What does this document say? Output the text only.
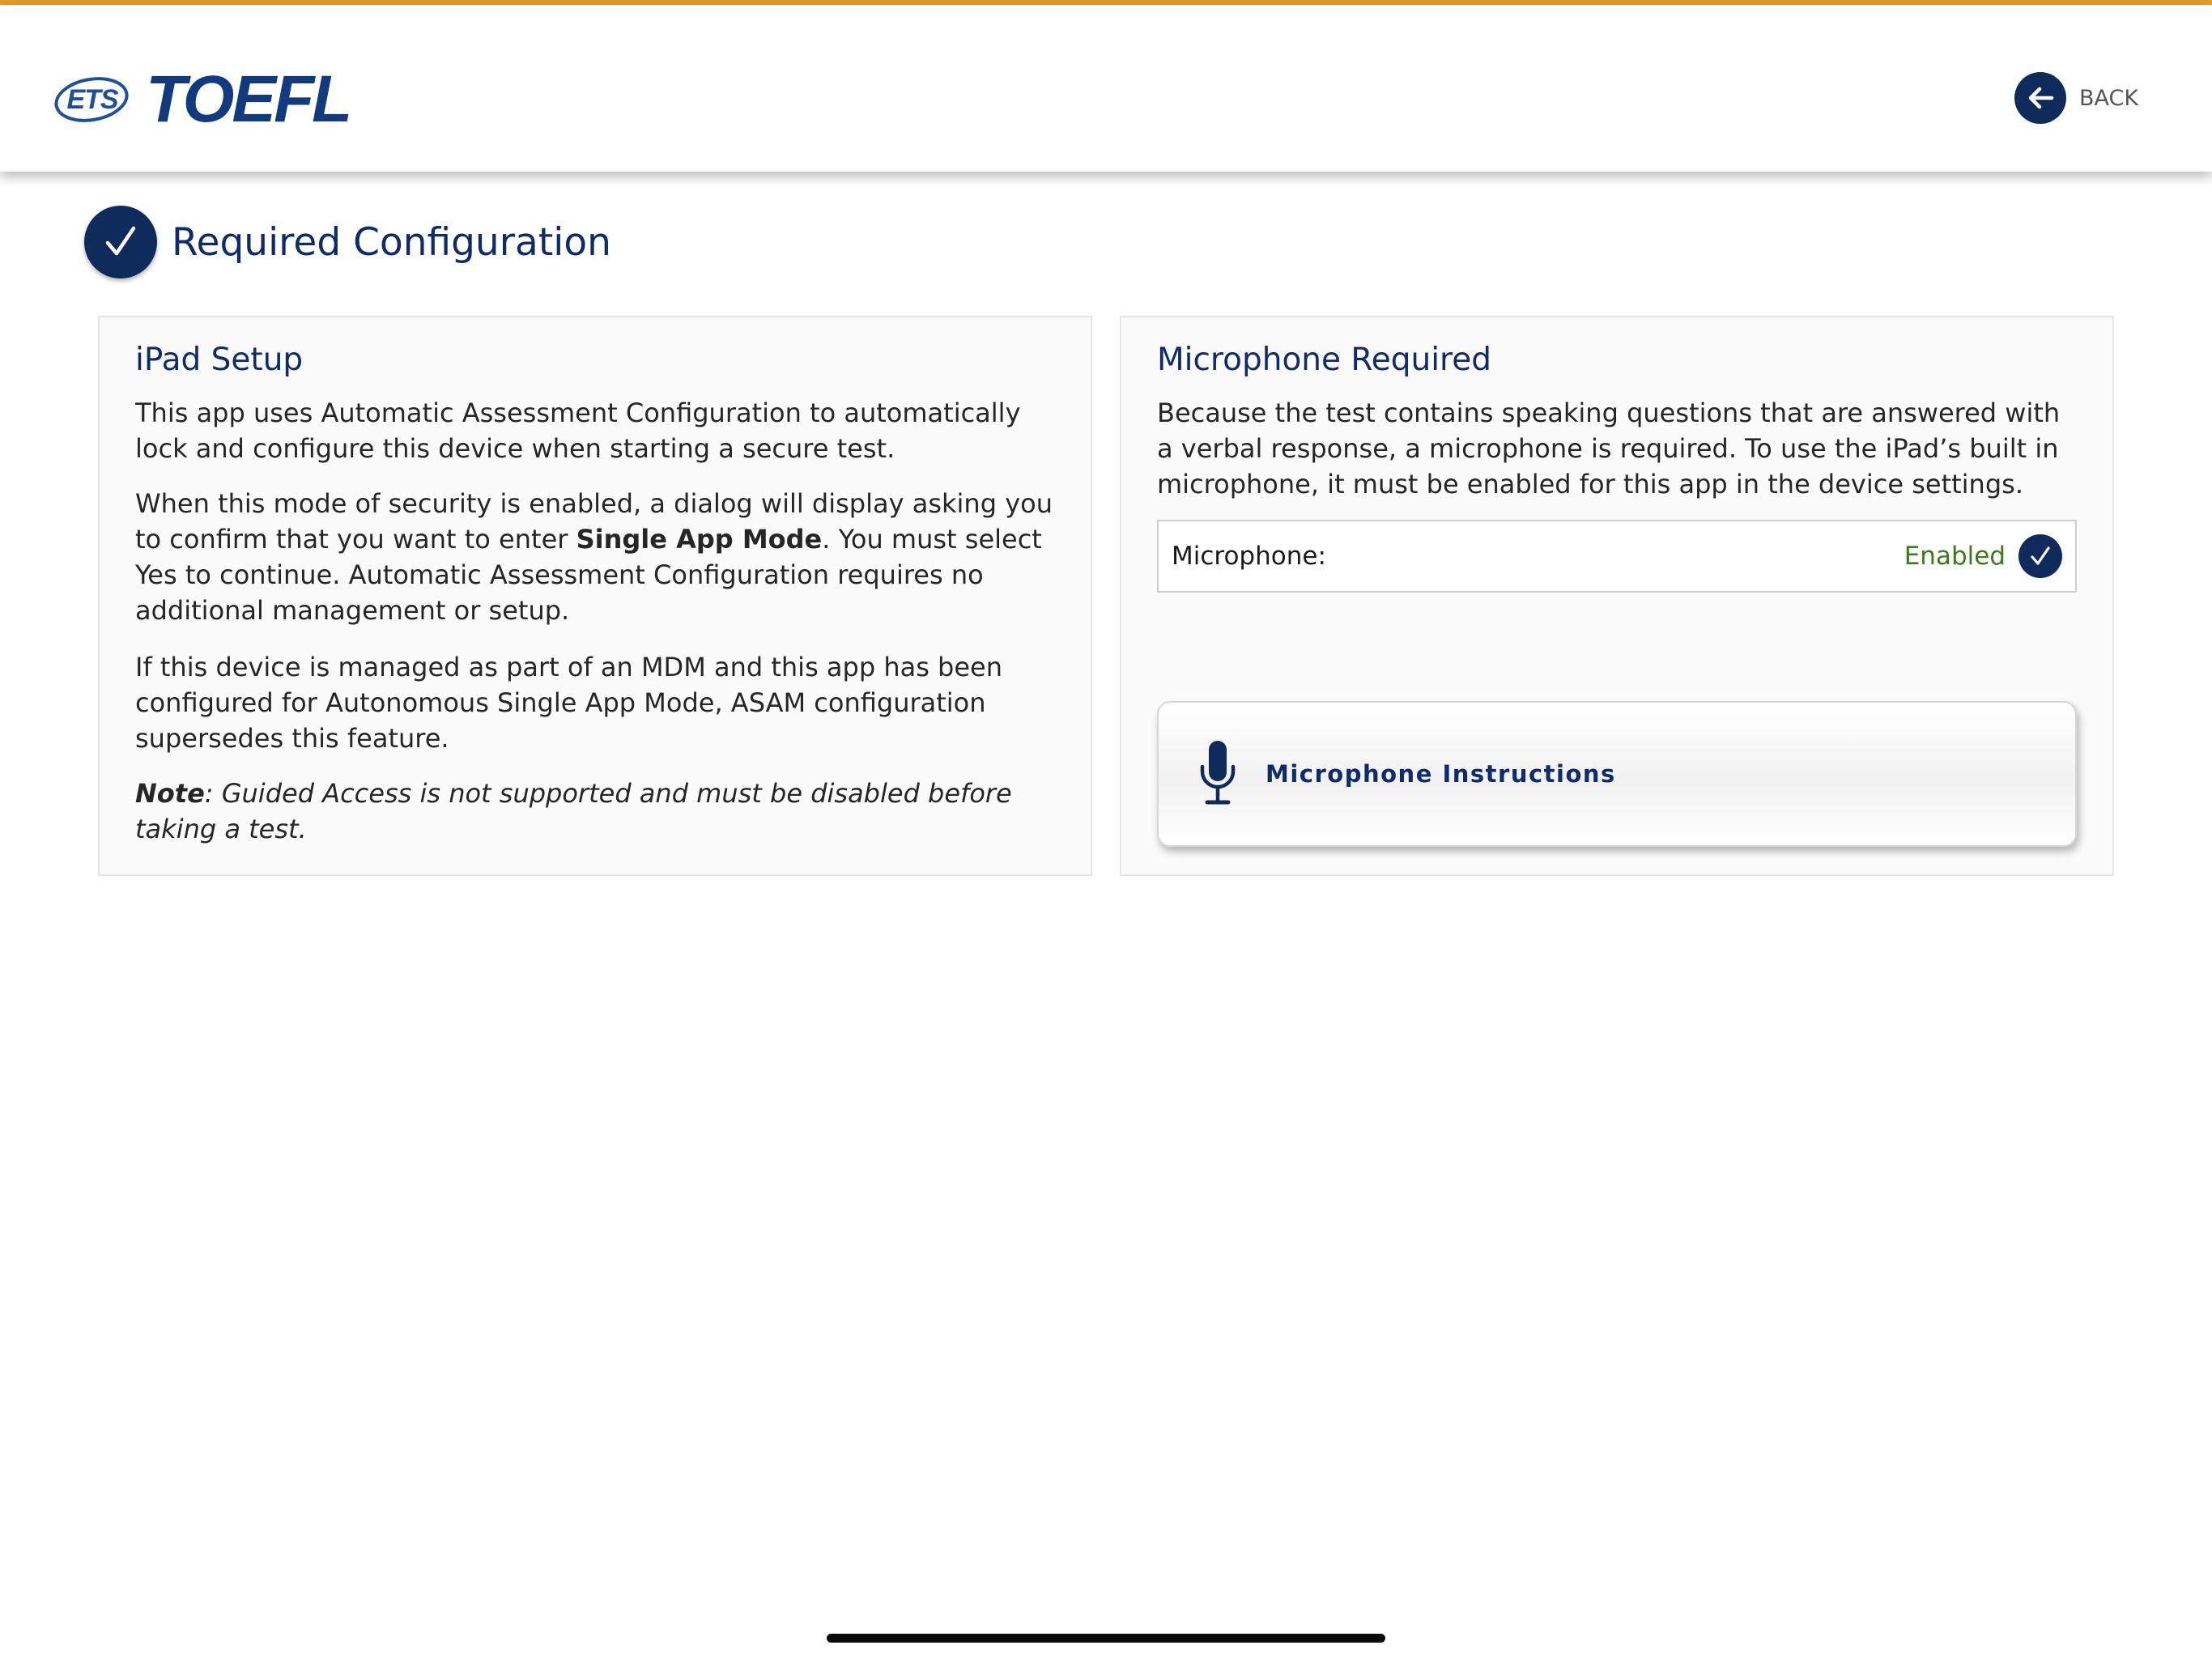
ETS TOEFL	BACK
Required Configuration
iPad Setup

This app uses Automatic Assessment Configuration to automatically lock and configure this device when starting a secure test.

When this mode of security is enabled, a dialog will display asking you to confirm that you want to enter Single App Mode. You must select Yes to continue. Automatic Assessment Configuration requires no additional management or setup.

If this device is managed as part of an MDM and this app has been configured for Autonomous Single App Mode, ASAM configuration supersedes this feature.

Note: Guided Access is not supported and must be disabled before taking a test.

Microphone Required

Because the test contains speaking questions that are answered with a verbal response, a microphone is required. To use the iPad’s built in microphone, it must be enabled for this app in the device settings.

Microphone:	Enabled
Microphone Instructions
